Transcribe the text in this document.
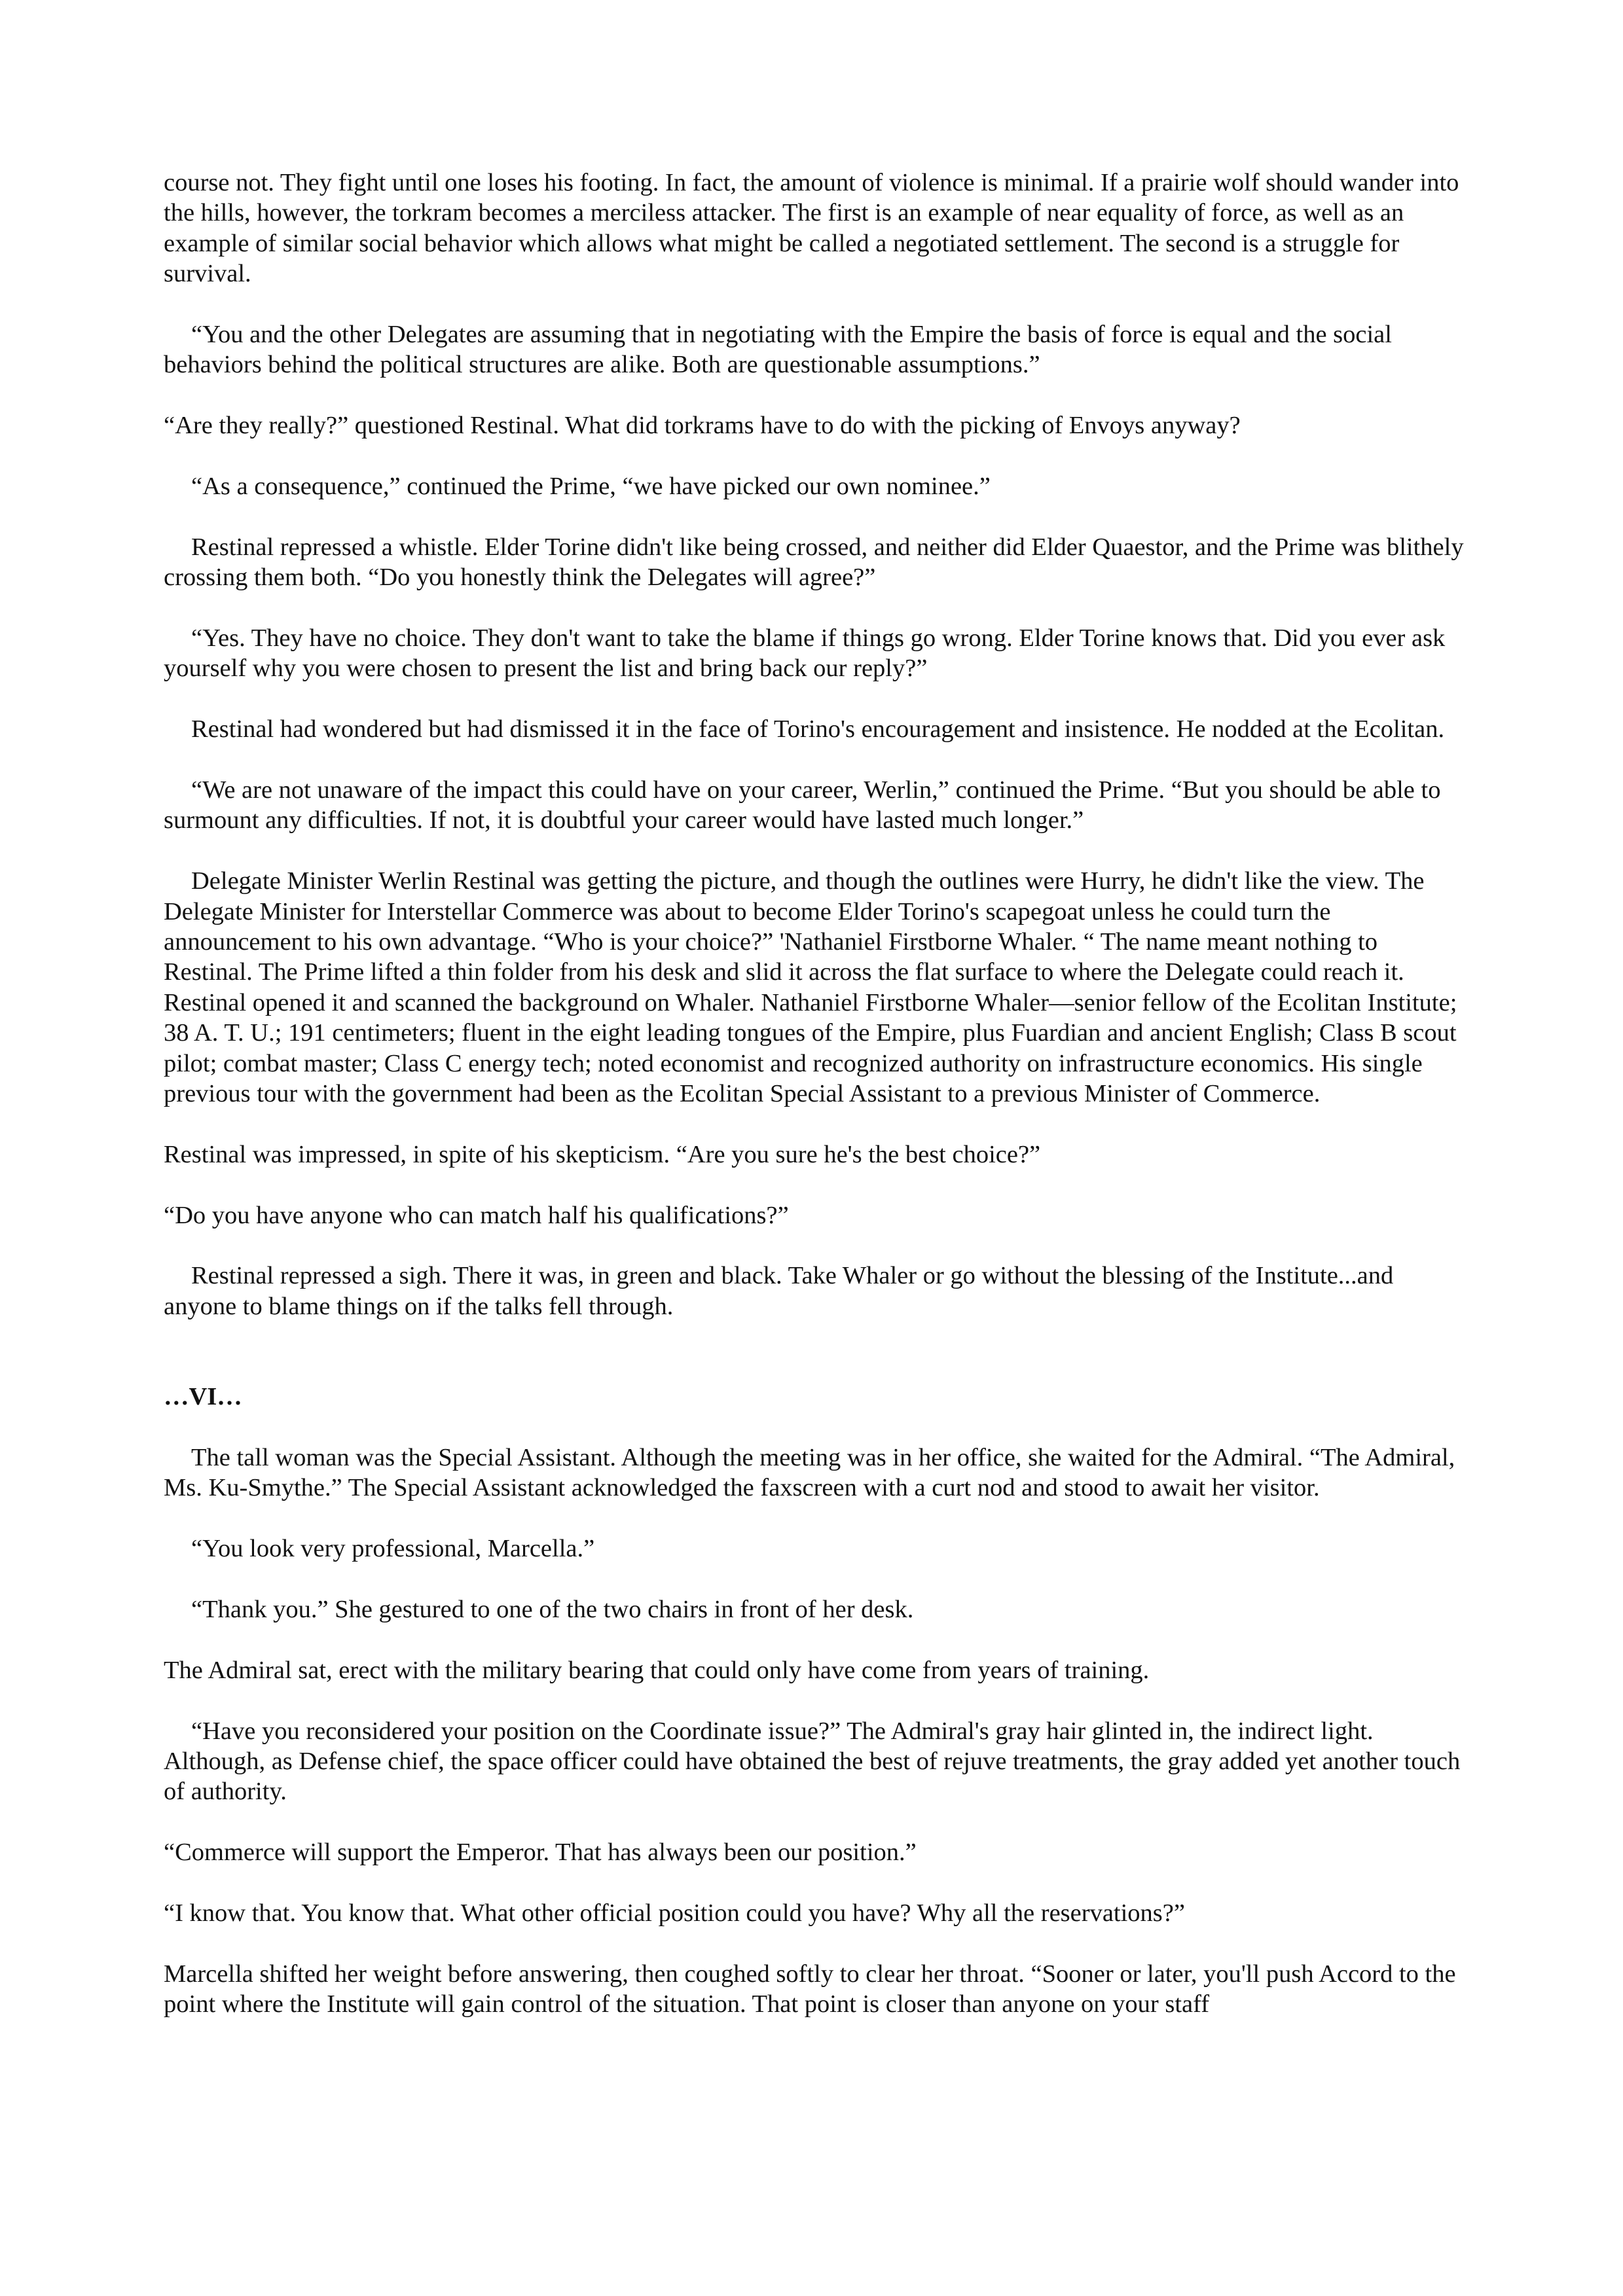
course not. They fight until one loses his footing. In fact, the amount of violence is minimal. If a prairie wolf should wander into the hills, however, the torkram becomes a merciless attacker. The first is an example of near equality of force, as well as an example of similar social behavior which allows what might be called a negotiated settlement. The second is a struggle for survival.

“You and the other Delegates are assuming that in negotiating with the Empire the basis of force is equal and the social behaviors behind the political structures are alike. Both are questionable assumptions.”

“Are they really?” questioned Restinal. What did torkrams have to do with the picking of Envoys anyway?

“As a consequence,” continued the Prime, “we have picked our own nominee.”

Restinal repressed a whistle. Elder Torine didn't like being crossed, and neither did Elder Quaestor, and the Prime was blithely crossing them both. “Do you honestly think the Delegates will agree?”

“Yes. They have no choice. They don't want to take the blame if things go wrong. Elder Torine knows that. Did you ever ask yourself why you were chosen to present the list and bring back our reply?”

Restinal had wondered but had dismissed it in the face of Torino's encouragement and insistence. He nodded at the Ecolitan.

“We are not unaware of the impact this could have on your career, Werlin,” continued the Prime. “But you should be able to surmount any difficulties. If not, it is doubtful your career would have lasted much longer.”

Delegate Minister Werlin Restinal was getting the picture, and though the outlines were Hurry, he didn't like the view. The Delegate Minister for Interstellar Commerce was about to become Elder Torino's scapegoat unless he could turn the announcement to his own advantage. “Who is your choice?” 'Nathaniel Firstborne Whaler. “ The name meant nothing to Restinal. The Prime lifted a thin folder from his desk and slid it across the flat surface to where the Delegate could reach it. Restinal opened it and scanned the background on Whaler. Nathaniel Firstborne Whaler—senior fellow of the Ecolitan Institute; 38 A. T. U.; 191 centimeters; fluent in the eight leading tongues of the Empire, plus Fuardian and ancient English; Class B scout pilot; combat master; Class C energy tech; noted economist and recognized authority on infrastructure economics. His single previous tour with the government had been as the Ecolitan Special Assistant to a previous Minister of Commerce.

Restinal was impressed, in spite of his skepticism. “Are you sure he's the best choice?”

“Do you have anyone who can match half his qualifications?”

Restinal repressed a sigh. There it was, in green and black. Take Whaler or go without the blessing of the Institute...and anyone to blame things on if the talks fell through.

…VI…

The tall woman was the Special Assistant. Although the meeting was in her office, she waited for the Admiral. “The Admiral, Ms. Ku-Smythe.” The Special Assistant acknowledged the faxscreen with a curt nod and stood to await her visitor.

“You look very professional, Marcella.”

“Thank you.” She gestured to one of the two chairs in front of her desk.

The Admiral sat, erect with the military bearing that could only have come from years of training.

“Have you reconsidered your position on the Coordinate issue?” The Admiral's gray hair glinted in, the indirect light. Although, as Defense chief, the space officer could have obtained the best of rejuve treatments, the gray added yet another touch of authority.

“Commerce will support the Emperor. That has always been our position.”

“I know that. You know that. What other official position could you have? Why all the reservations?”

Marcella shifted her weight before answering, then coughed softly to clear her throat. “Sooner or later, you'll push Accord to the point where the Institute will gain control of the situation. That point is closer than anyone on your staff
